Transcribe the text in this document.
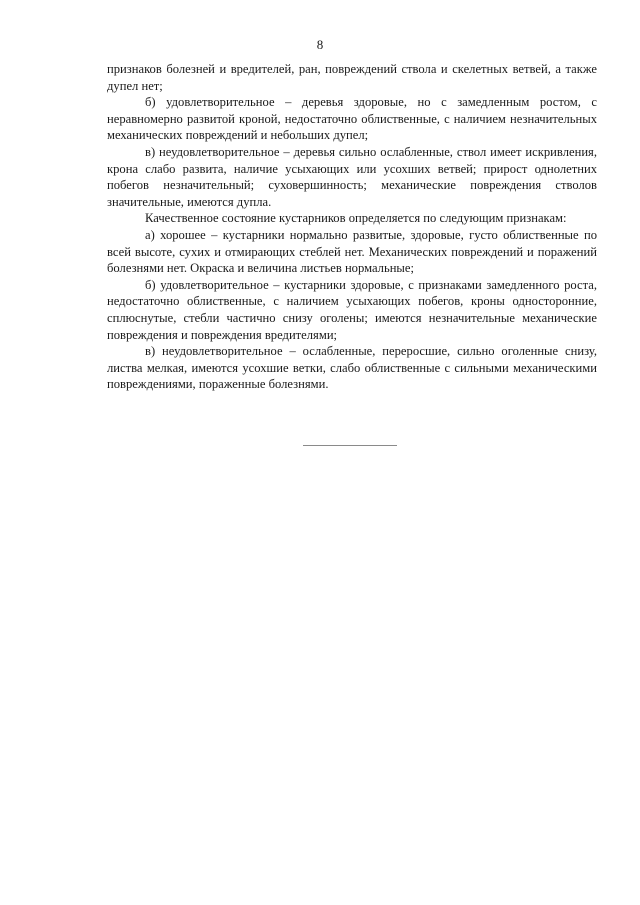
8

признаков болезней и вредителей, ран, повреждений ствола и скелетных ветвей, а также дупел нет;

б) удовлетворительное – деревья здоровые, но с замедленным ростом, с неравномерно развитой кроной, недостаточно облиственные, с наличием незначительных механических повреждений и небольших дупел;

в) неудовлетворительное – деревья сильно ослабленные, ствол имеет искривления, крона слабо развита, наличие усыхающих или усохших ветвей; прирост однолетних побегов незначительный; суховершинность; механические повреждения стволов значительные, имеются дупла.

Качественное состояние кустарников определяется по следующим признакам:

а) хорошее – кустарники нормально развитые, здоровые, густо облиственные по всей высоте, сухих и отмирающих стеблей нет. Механических повреждений и поражений болезнями нет. Окраска и величина листьев нормальные;

б) удовлетворительное – кустарники здоровые, с признаками замедленного роста, недостаточно облиственные, с наличием усыхающих побегов, кроны односторонние, сплюснутые, стебли частично снизу оголены; имеются незначительные механические повреждения и повреждения вредителями;

в) неудовлетворительное – ослабленные, переросшие, сильно оголенные снизу, листва мелкая, имеются усохшие ветки, слабо облиственные с сильными механическими повреждениями, пораженные болезнями.
